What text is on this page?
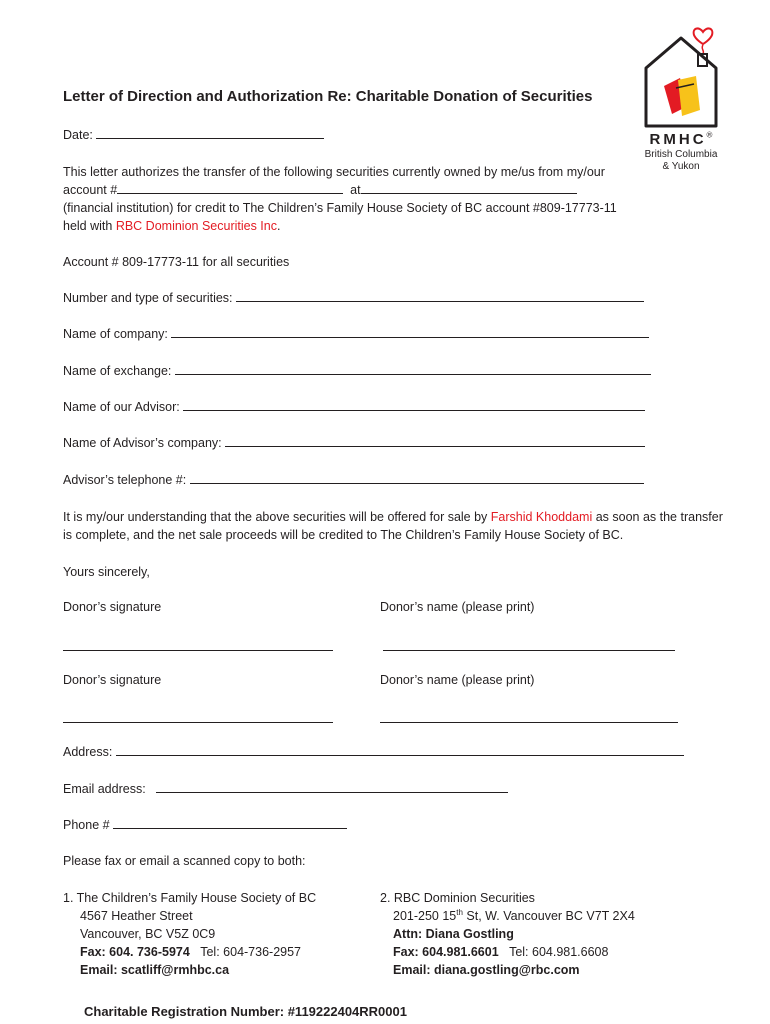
RMHC®
British Columbia
& Yukon
Letter of Direction and Authorization Re: Charitable Donation of Securities
Date:
This letter authorizes the transfer of the following securities currently owned by me/us from my/our
account #	at
(financial institution) for credit to The Children’s Family House Society of BC account #809-17773-11
held with RBC Dominion Securities Inc.
Account # 809-17773-11 for all securities
Number and type of securities:
Name of company:
Name of exchange:
Name of our Advisor:
Name of Advisor’s company:
Advisor’s telephone #:
It is my/our understanding that the above securities will be offered for sale by Farshid Khoddami as soon as the transfer
is complete, and the net sale proceeds will be credited to The Children’s Family House Society of BC.
Yours sincerely,
Donor’s signature	Donor’s name (please print)
Donor’s signature	Donor’s name (please print)
Address:
Email address:
Phone #
Please fax or email a scanned copy to both:
1. The Children’s Family House Society of BC
4567 Heather Street
Vancouver, BC V5Z 0C9
Fax: 604. 736-5974 Tel: 604-736-2957
Email: scatliff@rmhbc.ca
2. RBC Dominion Securities
201-250 15th St, W. Vancouver BC V7T 2X4
Attn: Diana Gostling
Fax: 604.981.6601 Tel: 604.981.6608
Email: diana.gostling@rbc.com
Charitable Registration Number: #119222404RR0001
